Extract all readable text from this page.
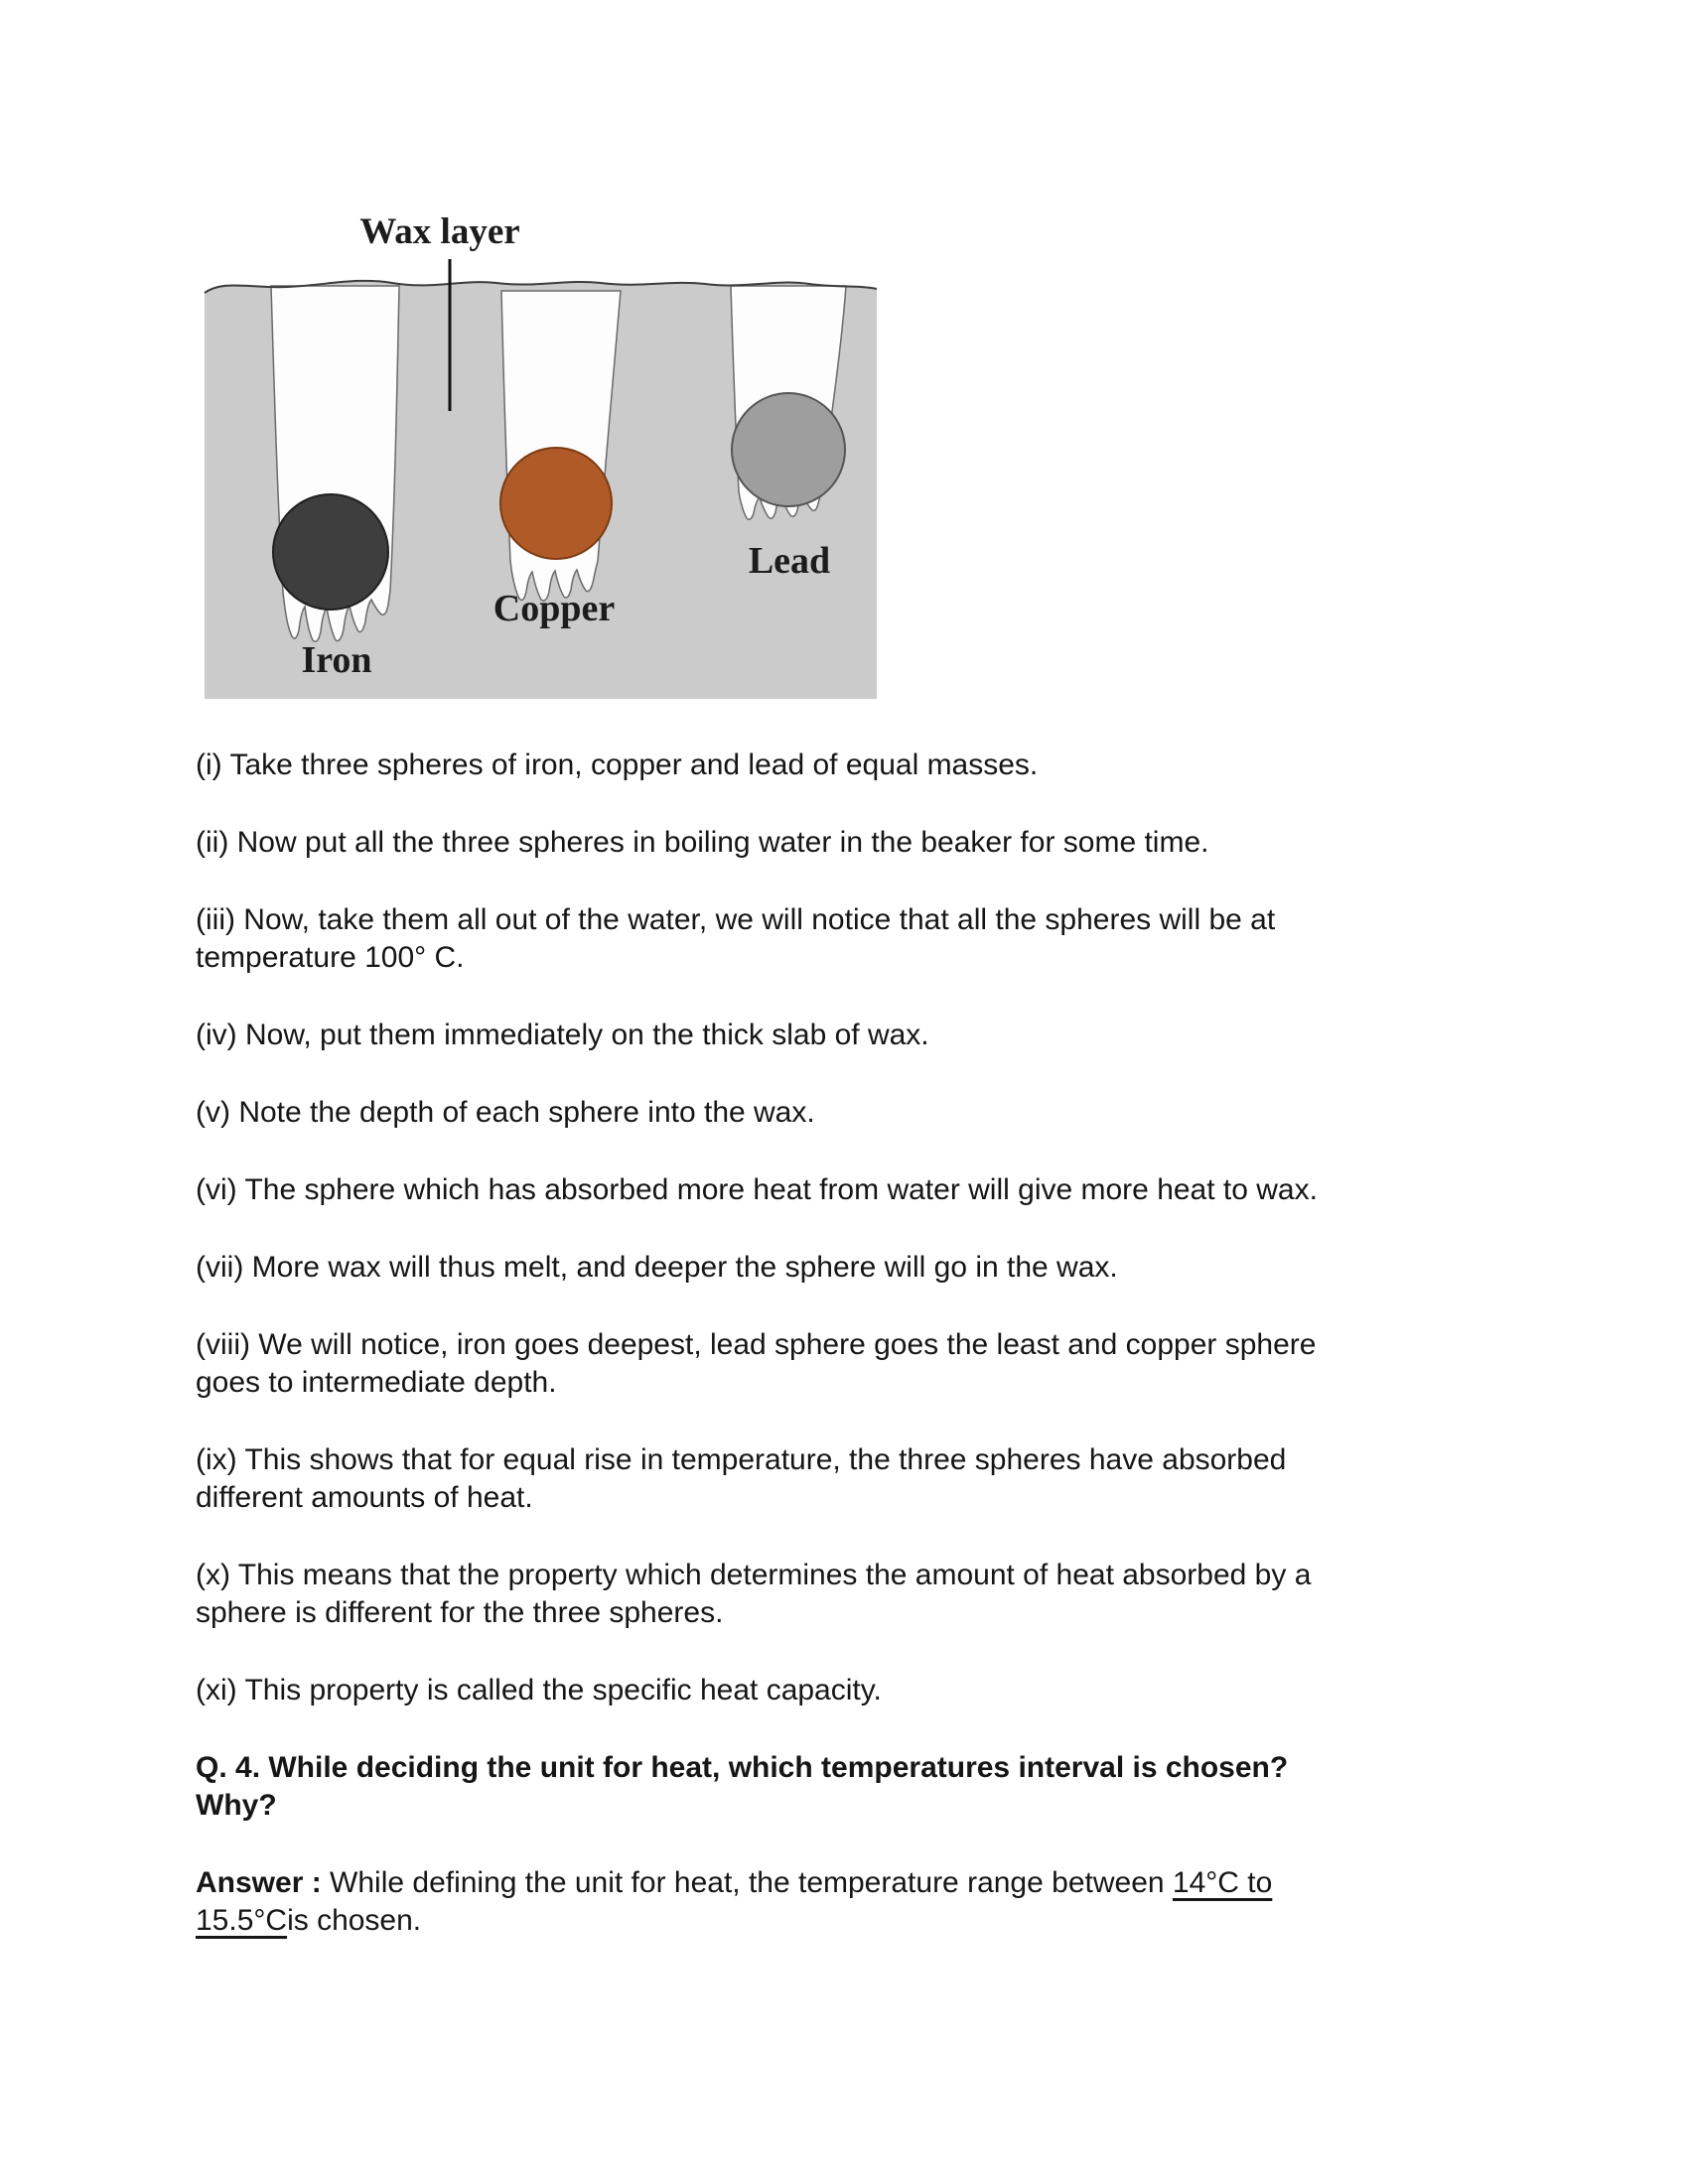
Wax layer
Iron
Copper
Lead
(i) Take three spheres of iron, copper and lead of equal masses.
(ii) Now put all the three spheres in boiling water in the beaker for some time.
(iii) Now, take them all out of the water, we will notice that all the spheres will be at
temperature 100° C.
(iv) Now, put them immediately on the thick slab of wax.
(v) Note the depth of each sphere into the wax.
(vi) The sphere which has absorbed more heat from water will give more heat to wax.
(vii) More wax will thus melt, and deeper the sphere will go in the wax.
(viii) We will notice, iron goes deepest, lead sphere goes the least and copper sphere
goes to intermediate depth.
(ix) This shows that for equal rise in temperature, the three spheres have absorbed
different amounts of heat.
(x) This means that the property which determines the amount of heat absorbed by a
sphere is different for the three spheres.
(xi) This property is called the specific heat capacity.
Q. 4. While deciding the unit for heat, which temperatures interval is chosen?
Why?
Answer : While defining the unit for heat, the temperature range between 14°C to
15.5°Cis chosen.
